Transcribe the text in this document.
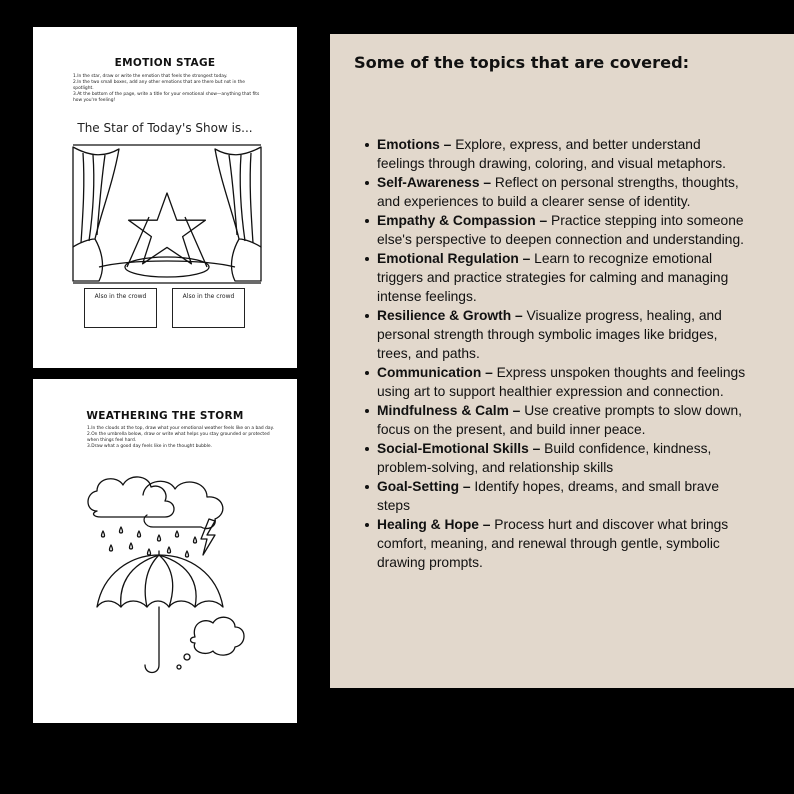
EMOTION STAGE
1.In the star, draw or write the emotion that feels the strongest today.
2.In the two small boxes, add any other emotions that are there but not in the spotlight.
3.At the bottom of the page, write a title for your emotional show—anything that fits how you're feeling!
The Star of Today's Show is...
Also in the crowd	Also in the crowd
WEATHERING THE STORM
1.In the clouds at the top, draw what your emotional weather feels like on a bad day.
2.On the umbrella below, draw or write what helps you stay grounded or protected when things feel hard.
3.Draw what a good day feels like in the thought bubble.
Some of the topics that are covered:
Emotions – Explore, express, and better understand feelings through drawing, coloring, and visual metaphors.
Self-Awareness – Reflect on personal strengths, thoughts, and experiences to build a clearer sense of identity.
Empathy & Compassion – Practice stepping into someone else's perspective to deepen connection and understanding.
Emotional Regulation – Learn to recognize emotional triggers and practice strategies for calming and managing intense feelings.
Resilience & Growth – Visualize progress, healing, and personal strength through symbolic images like bridges, trees, and paths.
Communication – Express unspoken thoughts and feelings using art to support healthier expression and connection.
Mindfulness & Calm – Use creative prompts to slow down, focus on the present, and build inner peace.
Social-Emotional Skills – Build confidence, kindness, problem-solving, and relationship skills
Goal-Setting – Identify hopes, dreams, and small brave steps
Healing & Hope – Process hurt and discover what brings comfort, meaning, and renewal through gentle, symbolic drawing prompts.
